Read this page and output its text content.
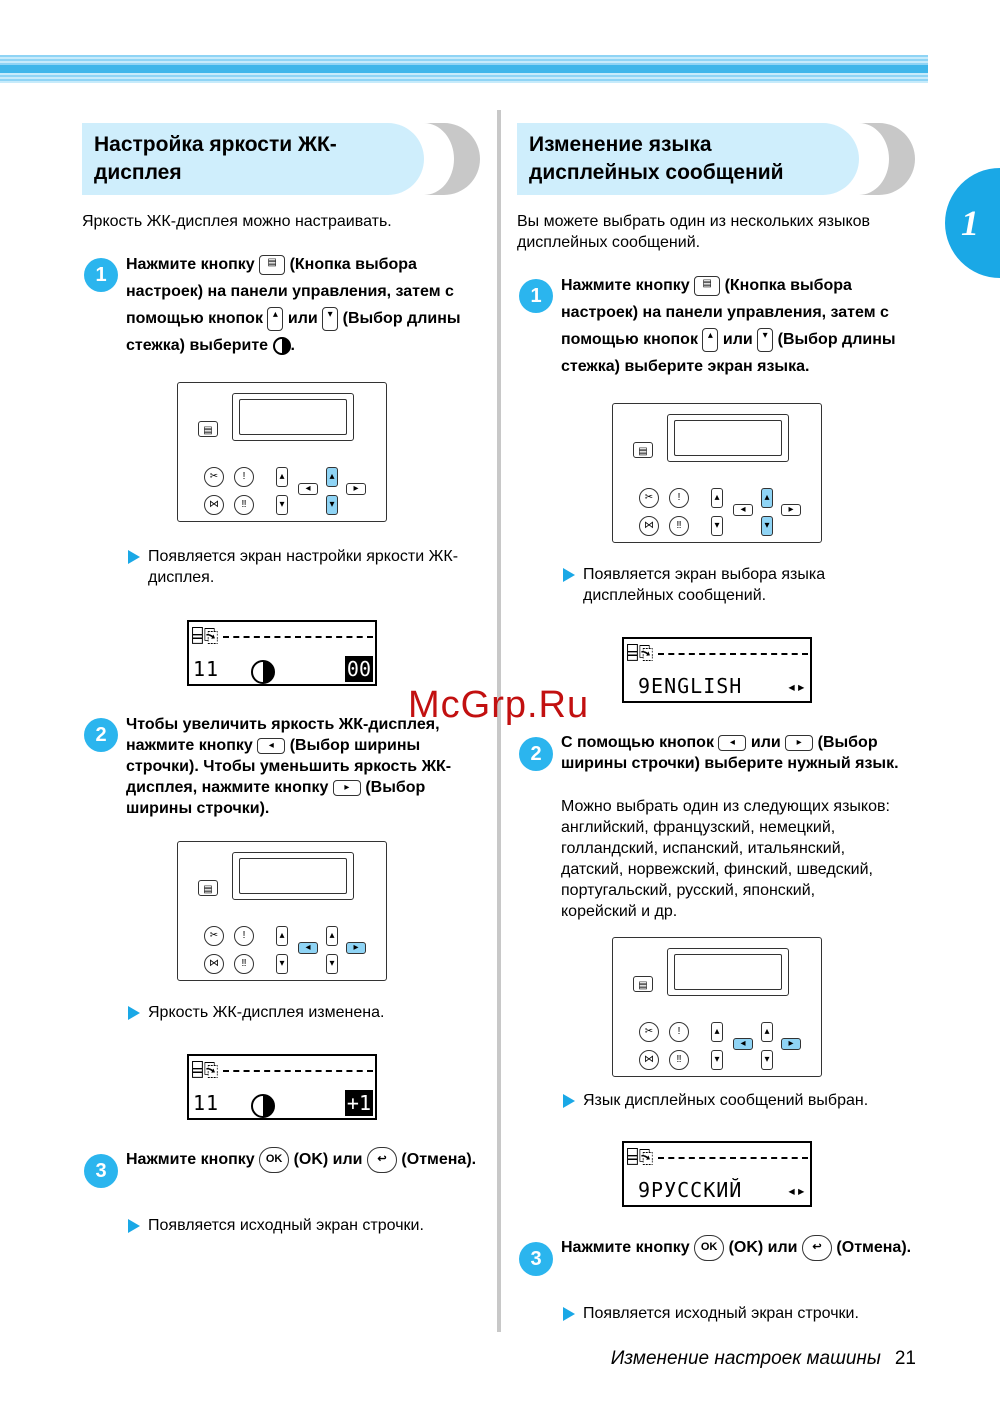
1
Настройка яркости ЖК-дисплея
Яркость ЖК-дисплея можно настраивать.
1	Нажмите кнопку ▤ (Кнопка выбора настроек) на панели управления, затем с помощью кнопок ▴ или ▾ (Выбор длины стежка) выберите .
▤
✂	!
⋈	‼
▴
▾
▴
▾
◂	▸
Появляется экран настройки яркости ЖК-дисплея.
⌸⎘
11	00
2	Чтобы увеличить яркость ЖК-дисплея, нажмите кнопку ◂ (Выбор ширины строчки). Чтобы уменьшить яркость ЖК-дисплея, нажмите кнопку ▸ (Выбор ширины строчки).
▤
✂	!
⋈	‼
▴
▾
▴
▾
◂	▸
Яркость ЖК-дисплея изменена.
⌸⎘
11	+1
3
Нажмите кнопку OK (OK) или ↩ (Отмена).
Появляется исходный экран строчки.
Изменение языка дисплейных сообщений
Вы можете выбрать один из нескольких языков дисплейных сообщений.
1	Нажмите кнопку ▤ (Кнопка выбора настроек) на панели управления, затем с помощью кнопок ▴ или ▾ (Выбор длины стежка) выберите экран языка.
▤
✂	!
⋈	‼
▴
▾
▴
▾
◂	▸
Появляется экран выбора языка дисплейных сообщений.
⌸⎘
9ENGLISH	◂▸
2
С помощью кнопок ◂ или ▸ (Выбор ширины строчки) выберите нужный язык.
Можно выбрать один из следующих языков: английский, французский, немецкий, голландский, испанский, итальянский, датский, норвежский, финский, шведский, португальский, русский, японский, корейский и др.
▤
✂	!
⋈	‼
▴
▾
▴
▾
◂	▸
Язык дисплейных сообщений выбран.
⌸⎘
9РУССКИЙ	◂▸
3
Нажмите кнопку OK (OK) или ↩ (Отмена).
Появляется исходный экран строчки.
McGrp.Ru
Изменение настроек машины 21
